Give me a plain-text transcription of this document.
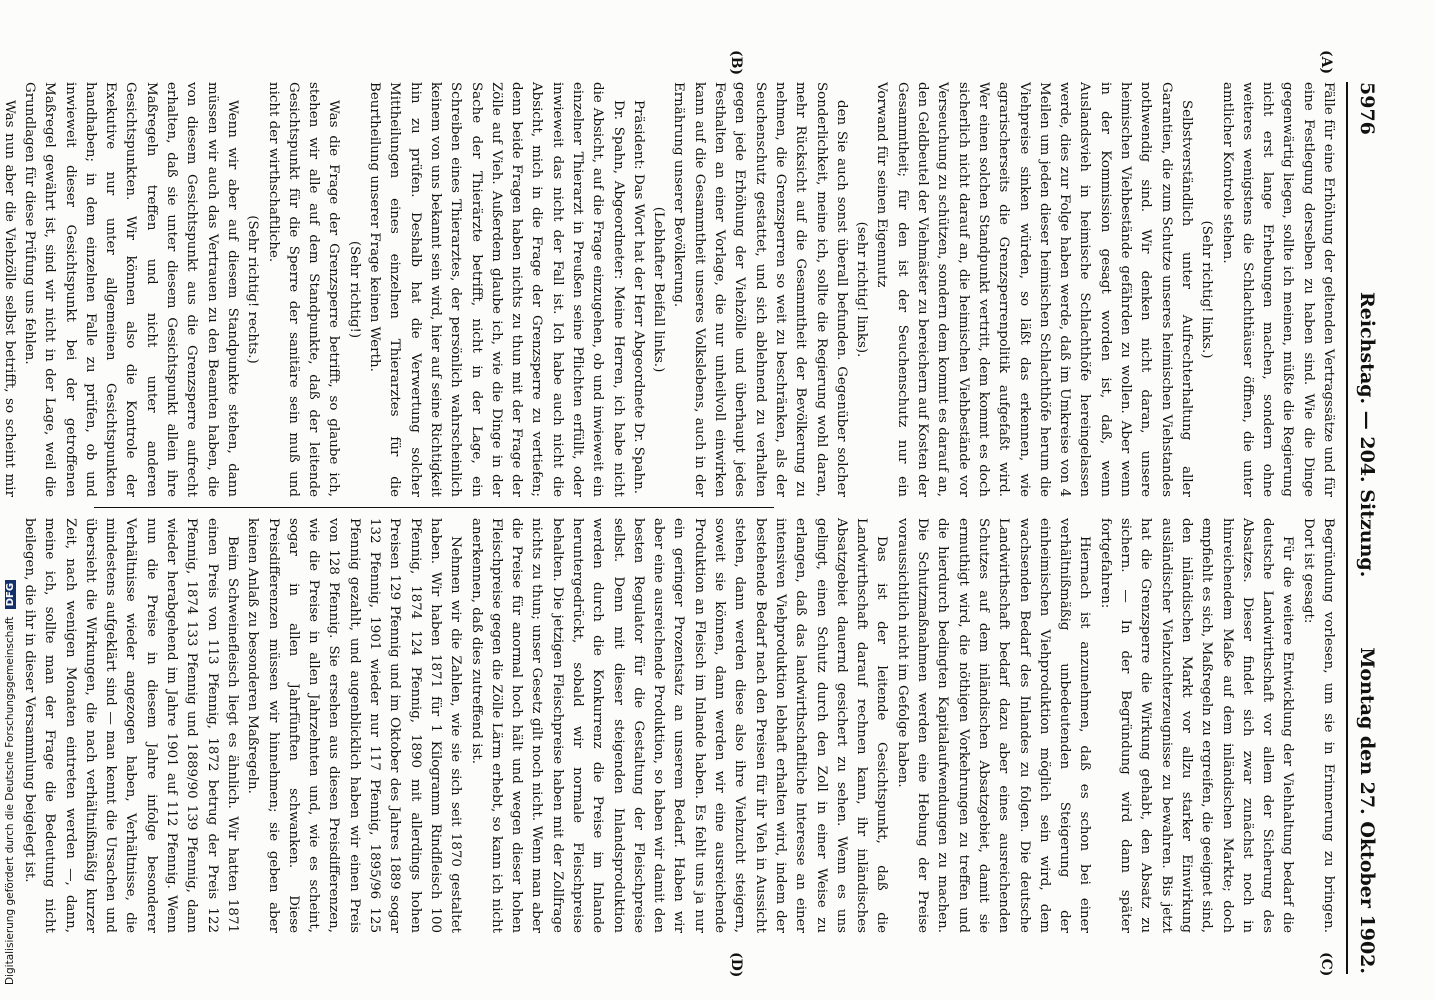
5976
Reichstag. — 204. Sitzung.
Montag den 27. Oktober 1902.
(A)
(B)
(C)
(D)

Fälle für eine Erhöhung der geltenden Vertragssätze und für eine Festlegung derselben zu haben sind. Wie die Dinge gegenwärtig liegen, sollte ich meinen, müßte die Regierung nicht erst lange Erhebungen machen, sondern ohne weiteres wenigstens die Schlachthäuser öffnen, die unter amtlicher Kontrole stehen.

(Sehr richtig! links.)

Selbstverständlich unter Aufrechterhaltung aller Garantien, die zum Schutze unseres heimischen Viehstandes nothwendig sind. Wir denken nicht daran, unsere heimischen Viehbestände gefährden zu wollen. Aber wenn in der Kommission gesagt worden ist, daß, wenn Auslandsvieh in heimische Schlachthöfe hereingelassen werde, dies zur Folge haben werde, daß im Umkreise von 4 Meilen um jeden dieser heimischen Schlachthöfe herum die Viehpreise sinken würden, so läßt das erkennen, wie agrarischerseits die Grenzsperrenpolitik aufgefaßt wird. Wer einen solchen Standpunkt vertritt, dem kommt es doch sicherlich nicht darauf an, die heimischen Viehbestände vor Verseuchung zu schützen, sondern dem kommt es darauf an, den Geldbeutel der Viehmäster zu bereichern auf Kosten der Gesammtheit; für den ist der Seuchenschutz nur ein Vorwand für seinen Eigennutz

(sehr richtig! links).

den Sie auch sonst überall befunden. Gegenüber solcher Sonderlichkeit, meine ich, sollte die Regierung wohl daran, mehr Rücksicht auf die Gesammtheit der Bevölkerung zu nehmen, die Grenzsperren so weit zu beschränken, als der Seuchenschutz gestattet, und sich ablehnend zu verhalten gegen jede Erhöhung der Viehzölle und überhaupt jedes Festhalten an einer Vorlage, die nur unheilvoll einwirken kann auf die Gesammtheit unseres Volkslebens, auch in der Ernährung unserer Bevölkerung.

(Lebhafter Beifall links.)

Präsident: Das Wort hat der Herr Abgeordnete Dr. Spahn.

Dr. Spahn, Abgeordneter: Meine Herren, ich habe nicht die Absicht, auf die Frage einzugehen, ob und inwieweit ein einzelner Thierarzt in Preußen seine Pflichten erfüllt, oder inwieweit das nicht der Fall ist. Ich habe auch nicht die Absicht, mich in die Frage der Grenzsperre zu vertiefen; denn beide Fragen haben nichts zu thun mit der Frage der Zölle auf Vieh. Außerdem glaube ich, wie die Dinge in der Sache der Thierärzte betrifft, nicht in der Lage, ein Schreiben eines Thierarztes, der persönlich wahrscheinlich keinem von uns bekannt sein wird, hier auf seine Richtigkeit hin zu prüfen. Deshalb hat die Verwertung solcher Mittheilungen eines einzelnen Thierarztes für die Beurtheilung unserer Frage keinen Werth.

(Sehr richtig!)

Was die Frage der Grenzsperre betrifft, so glaube ich, stehen wir alle auf dem Standpunkte, daß der leitende Gesichtspunkt für die Sperre der sanitäre sein muß und nicht der wirthschaftliche.

(Sehr richtig! rechts.)

Wenn wir aber auf diesem Standpunkte stehen, dann müssen wir auch das Vertrauen zu den Beamten haben, die von diesem Gesichtspunkt aus die Grenzsperre aufrecht erhalten, daß sie unter diesem Gesichtspunkt allein ihre Maßregeln treffen und nicht unter anderen Gesichtspunkten. Wir können also die Kontrole der Exekutive nur unter allgemeinen Gesichtspunkten handhaben; in dem einzelnen Falle zu prüfen, ob und inwieweit dieser Gesichtspunkt bei der getroffenen Maßregel gewährt ist, sind wir nicht in der Lage, weil die Grundlagen für diese Prüfung uns fehlen.

Was nun aber die Viehzölle selbst betrifft, so scheint mir

Begründung vorlesen, um sie in Erinnerung zu bringen. Dort ist gesagt:

Für die weitere Entwicklung der Viehhaltung bedarf die deutsche Landwirthschaft vor allem der Sicherung des Absatzes. Dieser findet sich zwar zunächst noch in hinreichendem Maße auf dem inländischen Markte; doch empfiehlt es sich, Maßregeln zu ergreifen, die geeignet sind, den inländischen Markt vor allzu starker Einwirkung ausländischer Viehzuchterzeugnisse zu bewahren. Bis jetzt hat die Grenzsperre die Wirkung gehabt, den Absatz zu sichern. — In der Begründung wird dann später fortgefahren:

Hiernach ist anzunehmen, daß es schon bei einer verhältnißmäßig unbedeutenden Steigerung der einheimischen Viehproduktion möglich sein wird, dem wachsenden Bedarf des Inlandes zu folgen. Die deutsche Landwirthschaft bedarf dazu aber eines ausreichenden Schutzes auf dem inländischen Absatzgebiet, damit sie ermuthigt wird, die nöthigen Vorkehrungen zu treffen und die hierdurch bedingten Kapitalaufwendungen zu machen. Die Schutzmaßnahmen werden eine Hebung der Preise voraussichtlich nicht im Gefolge haben.

Das ist der leitende Gesichtspunkt, daß die Landwirthschaft darauf rechnen kann, ihr inländisches Absatzgebiet dauernd gesichert zu sehen. Wenn es uns gelingt, einen Schutz durch den Zoll in einer Weise zu erlangen, daß das landwirthschaftliche Interesse an einer intensiven Viehproduktion lebhaft erhalten wird, indem der bestehende Bedarf nach den Preisen für ihr Vieh in Aussicht stehen, dann werden diese also ihre Viehzucht steigern, soweit sie können, dann werden wir eine ausreichende Produktion an Fleisch im Inlande haben. Es fehlt uns ja nur ein geringer Prozentsatz an unserem Bedarf. Haben wir aber eine ausreichende Produktion, so haben wir damit den besten Regulator für die Gestaltung der Fleischpreise selbst. Denn mit dieser steigenden Inlandsproduktion werden durch die Konkurrenz die Preise im Inlande heruntergedrückt, sobald wir normale Fleischpreise behalten. Die jetzigen Fleischpreise haben mit der Zollfrage nichts zu thun; unser Gesetz gilt noch nicht. Wenn man aber die Preise für anormal hoch hält und wegen dieser hohen Fleischpreise gegen die Zölle Lärm erhebt, so kann ich nicht anerkennen, daß dies zutreffend ist.

Nehmen wir die Zahlen, wie sie sich seit 1870 gestaltet haben. Wir haben 1871 für 1 Kilogramm Rindfleisch 100 Pfennig, 1874 124 Pfennig, 1890 mit allerdings hohen Preisen 129 Pfennig und im Oktober des Jahres 1889 sogar 132 Pfennig, 1901 wieder nur 117 Pfennig, 1895/96 125 Pfennig gezahlt, und augenblicklich haben wir einen Preis von 128 Pfennig. Sie ersehen aus diesen Preisdifferenzen, wie die Preise in allen Jahrzehnten und, wie es scheint, sogar in allen Jahrfünften schwanken. Diese Preisdifferenzen müssen wir hinnehmen; sie geben aber keinen Anlaß zu besonderen Maßregeln.

Beim Schweinefleisch liegt es ähnlich. Wir hatten 1871 einen Preis von 113 Pfennig, 1872 betrug der Preis 122 Pfennig, 1874 133 Pfennig und 1889/90 139 Pfennig, dann wieder herabgehend im Jahre 1901 auf 112 Pfennig. Wenn nun die Preise in diesem Jahre infolge besonderer Verhältnisse wieder angezogen haben, Verhältnisse, die mindestens aufgeklärt sind — man kennt die Ursachen und übersieht die Wirkungen, die nach verhältnißmäßig kurzer Zeit, nach wenigen Monaten eintreten werden —, dann, meine ich, sollte man der Frage die Bedeutung nicht beilegen, die ihr in dieser Versammlung beigelegt ist.

Digitalisierung gefördert durch die Deutsche Forschungsgemeinschaft DFG
